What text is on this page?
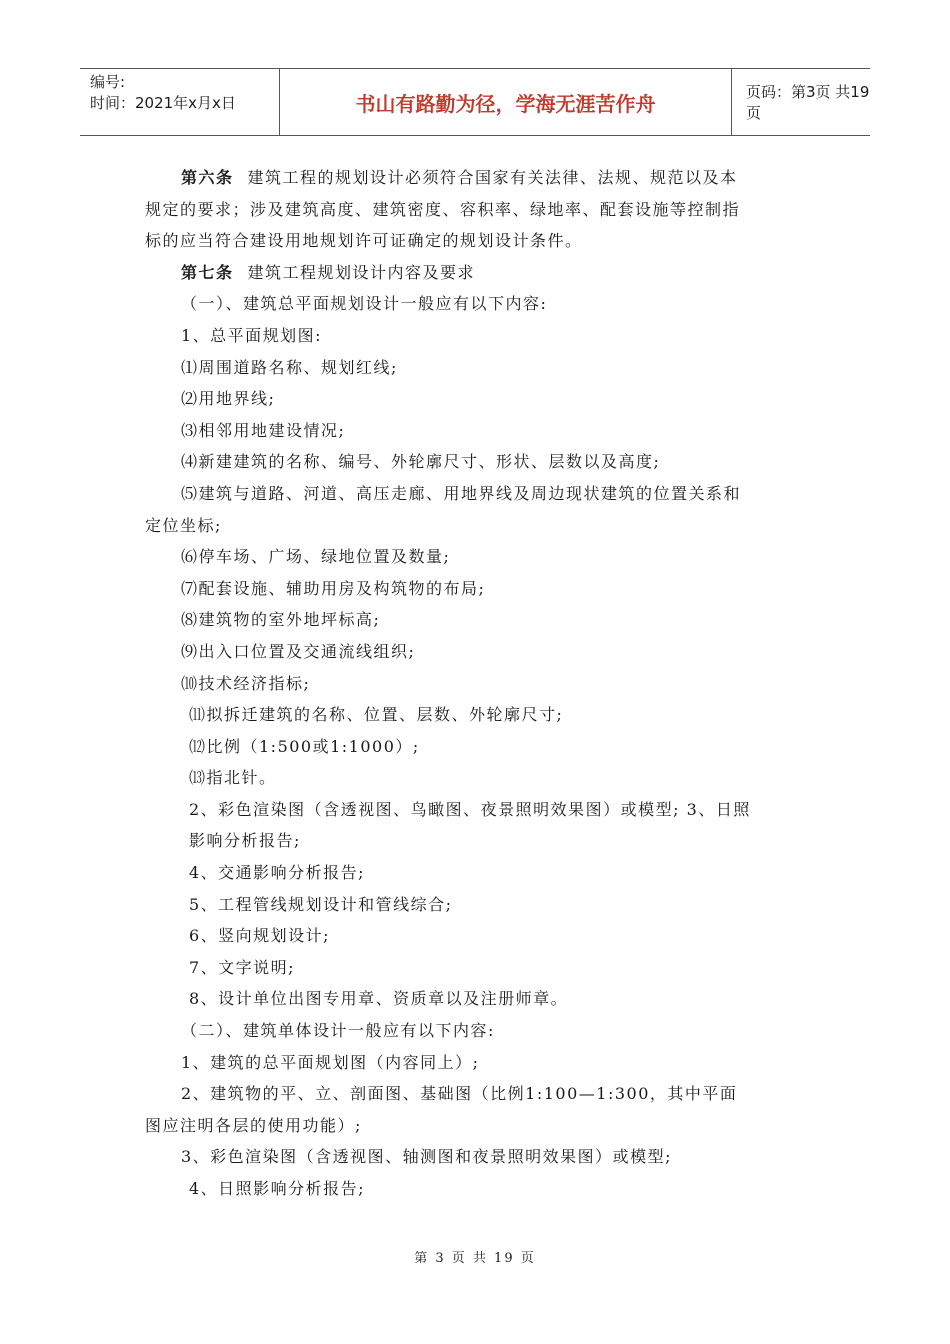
编号:
时间：2021年x月x日	书山有路勤为径，学海无涯苦作舟	页码：第3页 共19页

第六条 建筑工程的规划设计必须符合国家有关法律、法规、规范以及本

规定的要求；涉及建筑高度、建筑密度、容积率、绿地率、配套设施等控制指

标的应当符合建设用地规划许可证确定的规划设计条件。

第七条 建筑工程规划设计内容及要求

（一）、建筑总平面规划设计一般应有以下内容:

1、总平面规划图:

⑴周围道路名称、规划红线;

⑵用地界线;

⑶相邻用地建设情况;

⑷新建建筑的名称、编号、外轮廓尺寸、形状、层数以及高度;

⑸建筑与道路、河道、高压走廊、用地界线及周边现状建筑的位置关系和

定位坐标;

⑹停车场、广场、绿地位置及数量;

⑺配套设施、辅助用房及构筑物的布局;

⑻建筑物的室外地坪标高;

⑼出入口位置及交通流线组织;

⑽技术经济指标;

⑾拟拆迁建筑的名称、位置、层数、外轮廓尺寸;

⑿比例（1:500或1:1000）;

⒀指北针。

2、彩色渲染图（含透视图、鸟瞰图、夜景照明效果图）或模型; 3、日照

影响分析报告;

4、交通影响分析报告;

5、工程管线规划设计和管线综合;

6、竖向规划设计;

7、文字说明;

8、设计单位出图专用章、资质章以及注册师章。

（二）、建筑单体设计一般应有以下内容:

1、建筑的总平面规划图（内容同上）;

2、建筑物的平、立、剖面图、基础图（比例1:100—1:300，其中平面

图应注明各层的使用功能）;

3、彩色渲染图（含透视图、轴测图和夜景照明效果图）或模型;

4、日照影响分析报告;

第 3 页 共 19 页
